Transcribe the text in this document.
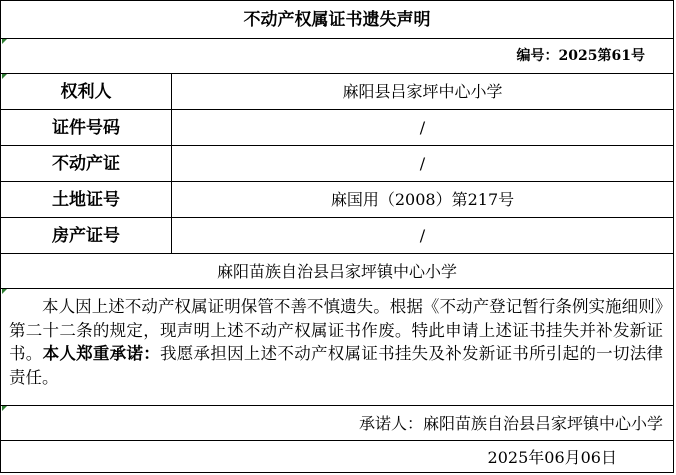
不动产权属证书遗失声明
编号：2025第61号
权利人	麻阳县吕家坪中心小学
证件号码	/
不动产证	/
土地证号	麻国用（2008）第217号
房产证号	/
麻阳苗族自治县吕家坪镇中心小学
本人因上述不动产权属证明保管不善不慎遗失。根据《不动产登记暂行条例实施细则》第二十二条的规定，现声明上述不动产权属证书作废。特此申请上述证书挂失并补发新证书。本人郑重承诺：我愿承担因上述不动产权属证书挂失及补发新证书所引起的一切法律责任。
承诺人：麻阳苗族自治县吕家坪镇中心小学
2025年06月06日
